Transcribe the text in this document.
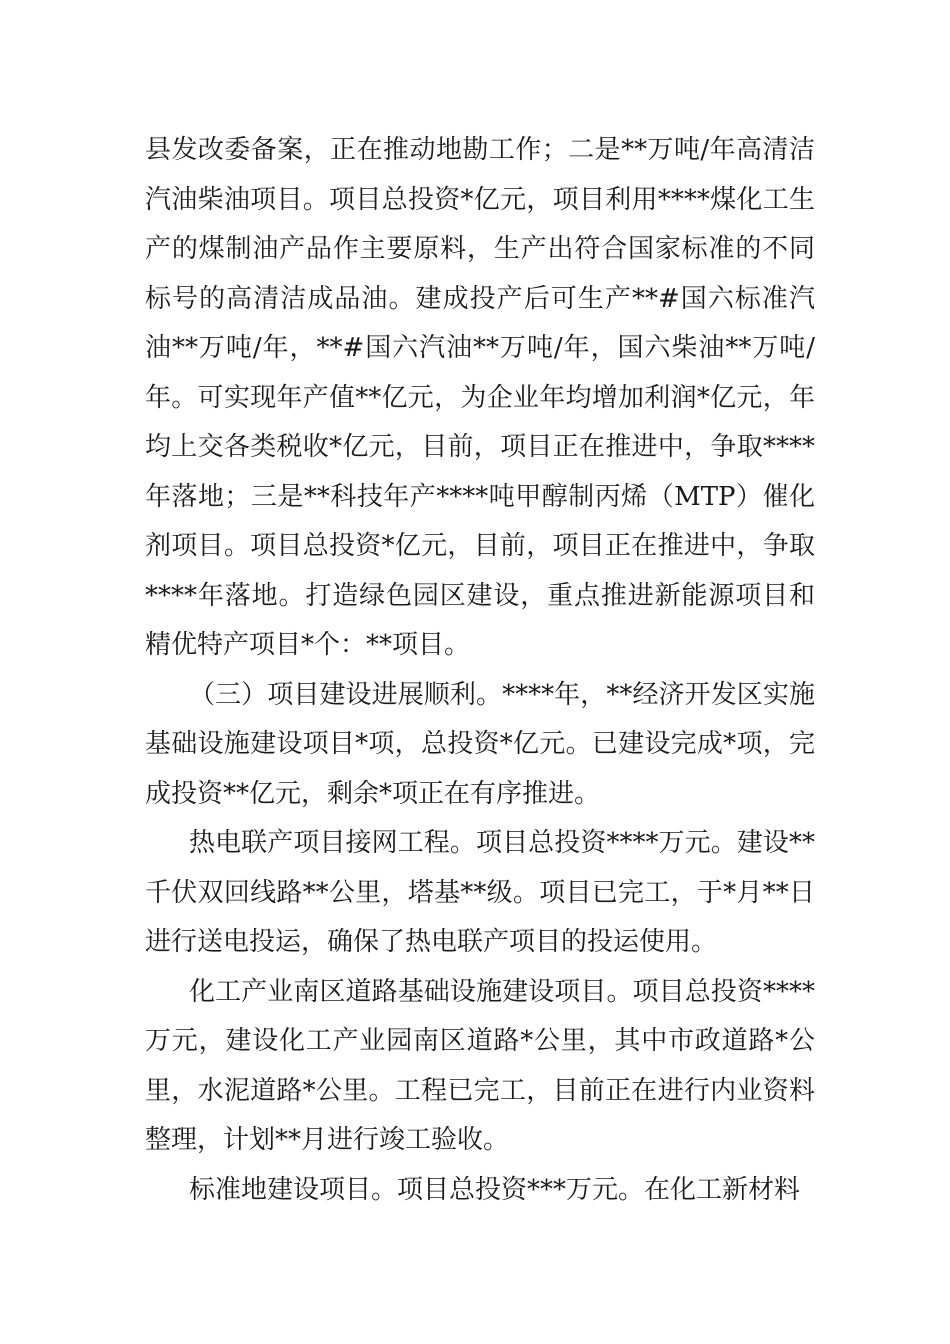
县发改委备案，正在推动地勘工作；二是**万吨/年高清洁汽油柴油项目。项目总投资*亿元，项目利用****煤化工生产的煤制油产品作主要原料，生产出符合国家标准的不同标号的高清洁成品油。建成投产后可生产**#国六标准汽油**万吨/年，**#国六汽油**万吨/年，国六柴油**万吨/年。可实现年产值**亿元，为企业年均增加利润*亿元，年均上交各类税收*亿元，目前，项目正在推进中，争取****年落地；三是**科技年产****吨甲醇制丙烯（MTP）催化剂项目。项目总投资*亿元，目前，项目正在推进中，争取****年落地。打造绿色园区建设，重点推进新能源项目和精优特产项目*个：**项目。

（三）项目建设进展顺利。****年，**经济开发区实施基础设施建设项目*项，总投资*亿元。已建设完成*项，完成投资**亿元，剩余*项正在有序推进。

热电联产项目接网工程。项目总投资****万元。建设**千伏双回线路**公里，塔基**级。项目已完工，于*月**日进行送电投运，确保了热电联产项目的投运使用。

化工产业南区道路基础设施建设项目。项目总投资****万元，建设化工产业园南区道路*公里，其中市政道路*公里，水泥道路*公里。工程已完工，目前正在进行内业资料整理，计划**月进行竣工验收。

标准地建设项目。项目总投资***万元。在化工新材料
